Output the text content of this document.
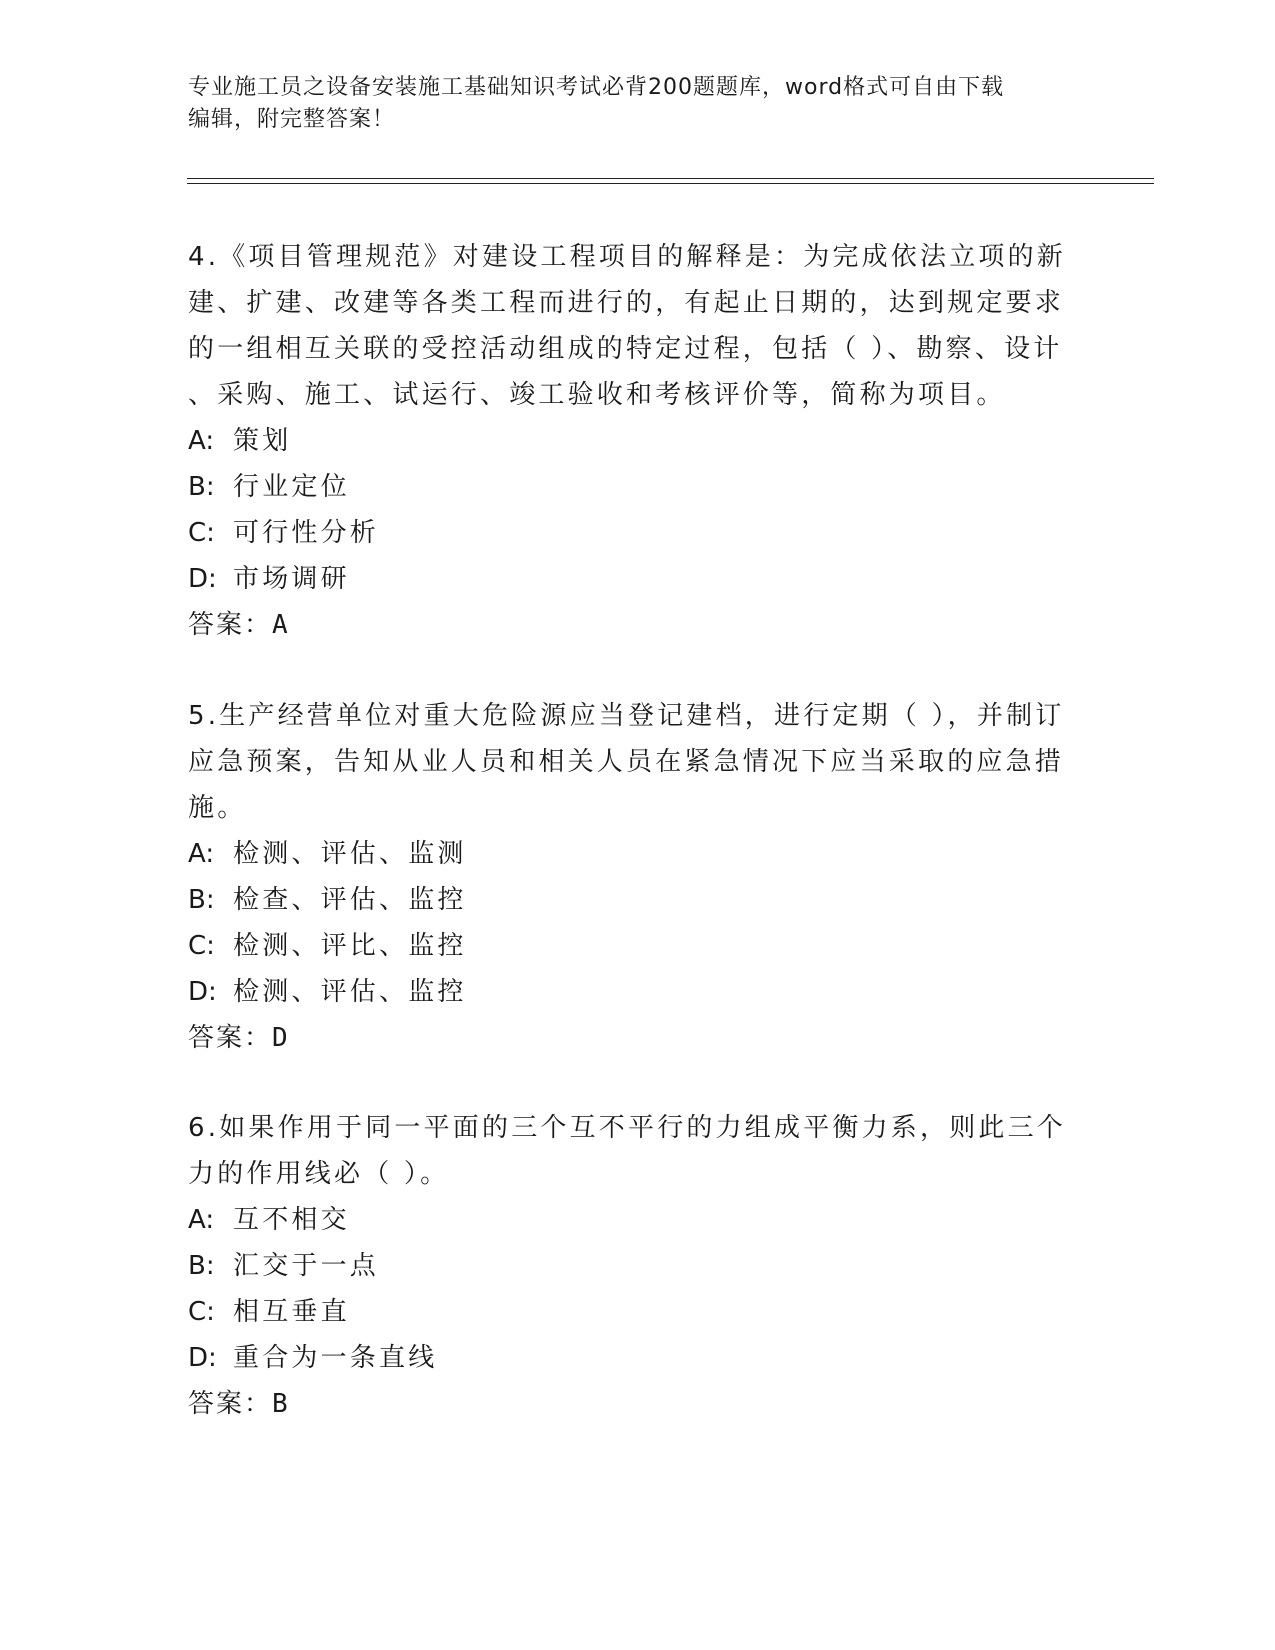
专业施工员之设备安装施工基础知识考试必背200题题库，word格式可自由下载
编辑，附完整答案！

4.《项目管理规范》对建设工程项目的解释是：为完成依法立项的新

建、扩建、改建等各类工程而进行的，有起止日期的，达到规定要求

的一组相互关联的受控活动组成的特定过程，包括（ ）、勘察、设计

、采购、施工、试运行、竣工验收和考核评价等，简称为项目。

A: 策划

B: 行业定位

C: 可行性分析

D: 市场调研

答案：A

5.生产经营单位对重大危险源应当登记建档，进行定期（ ），并制订

应急预案，告知从业人员和相关人员在紧急情况下应当采取的应急措

施。

A: 检测、评估、监测

B: 检查、评估、监控

C: 检测、评比、监控

D: 检测、评估、监控

答案：D

6.如果作用于同一平面的三个互不平行的力组成平衡力系，则此三个

力的作用线必（ ）。

A: 互不相交

B: 汇交于一点

C: 相互垂直

D: 重合为一条直线

答案：B
